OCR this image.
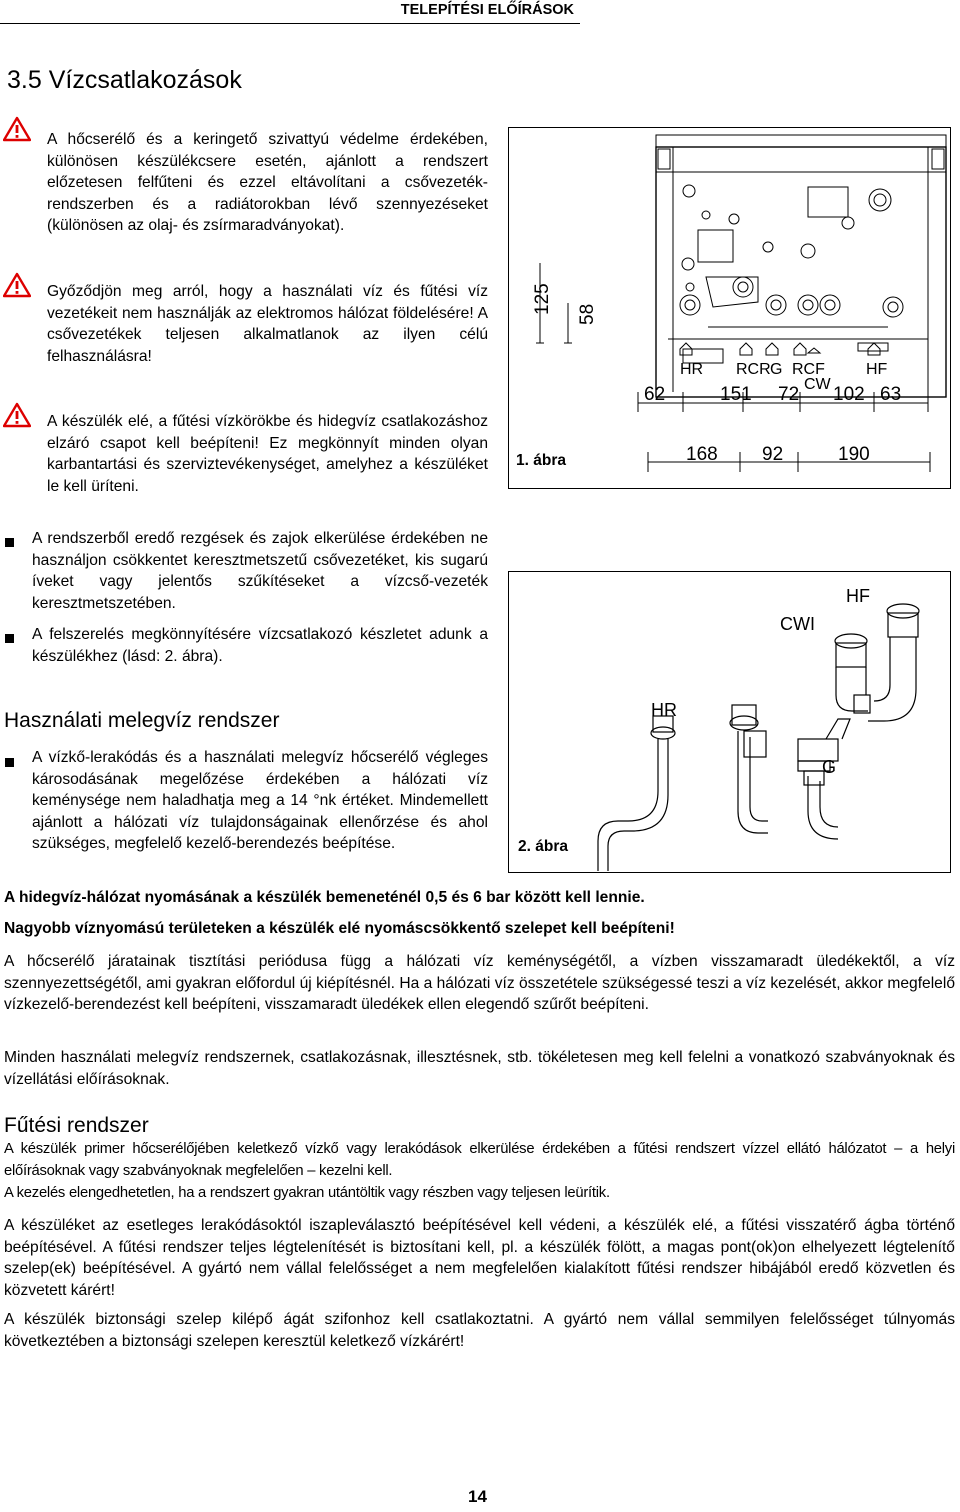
TELEPÍTÉSI ELŐÍRÁSOK
3.5 Vízcsatlakozások
A hőcserélő és a keringető szivattyú védelme érdekében, különösen készülékcsere esetén, ajánlott a rendszert előzetesen felfűteni és ezzel eltávolítani a csővezeték-rendszerben és a radiátorokban lévő szennyezéseket (különösen az olaj- és zsírmaradványokat).
Győződjön meg arról, hogy a használati víz és fűtési víz vezetékeit nem használják az elektromos hálózat földelésére! A csővezetékek teljesen alkalmatlanok az ilyen célú felhasználásra!
A készülék elé, a fűtési vízkörökbe és hidegvíz csatlakozáshoz elzáró csapot kell beépíteni! Ez megkönnyít minden olyan karbantartási és szerviztevékenységet, amelyhez a készüléket le kell üríteni.
A rendszerből eredő rezgések és zajok elkerülése érdekében ne használjon csökkentet keresztmetszetű csővezetéket, kis sugarú íveket vagy jelentős szűkítéseket a vízcső-vezeték keresztmetszetében.
A felszerelés megkönnyítésére vízcsatlakozó készletet adunk a készülékhez (lásd: 2. ábra).
HR RCR G RCF	HF
CW
62	151 72 102 63
168 92	190
125 58
1. ábra
HF
CWI
HR
G
2. ábra
Használati melegvíz rendszer
A vízkő-lerakódás és a használati melegvíz hőcserélő végleges károsodásának megelőzése érdekében a hálózati víz keménysége nem haladhatja meg a 14 °nk értéket. Mindemellett ajánlott a hálózati víz tulajdonságainak ellenőrzése és ahol szükséges, megfelelő kezelő-berendezés beépítése.
A hidegvíz-hálózat nyomásának a készülék bemeneténél 0,5 és 6 bar között kell lennie.
Nagyobb víznyomású területeken a készülék elé nyomáscsökkentő szelepet kell beépíteni!
A hőcserélő járatainak tisztítási periódusa függ a hálózati víz keménységétől, a vízben visszamaradt üledékektől, a víz szennyezettségétől, ami gyakran előfordul új kiépítésnél. Ha a hálózati víz összetétele szükségessé teszi a víz kezelését, akkor megfelelő vízkezelő-berendezést kell beépíteni, visszamaradt üledékek ellen elegendő szűrőt beépíteni.
Minden használati melegvíz rendszernek, csatlakozásnak, illesztésnek, stb. tökéletesen meg kell felelni a vonatkozó szabványoknak és vízellátási előírásoknak.
Fűtési rendszer
A készülék primer hőcserélőjében keletkező vízkő vagy lerakódások elkerülése érdekében a fűtési rendszert vízzel ellátó hálózatot – a helyi előírásoknak vagy szabványoknak megfelelően – kezelni kell.
A kezelés elengedhetetlen, ha a rendszert gyakran utántöltik vagy részben vagy teljesen leürítik.
A készüléket az esetleges lerakódásoktól iszapleválasztó beépítésével kell védeni, a készülék elé, a fűtési visszatérő ágba történő beépítésével. A fűtési rendszer teljes légtelenítését is biztosítani kell, pl. a készülék fölött, a magas pont(ok)on elhelyezett légtelenítő szelep(ek) beépítésével. A gyártó nem vállal felelősséget a nem megfelelően kialakított fűtési rendszer hibájából eredő közvetlen és közvetett kárért!
A készülék biztonsági szelep kilépő ágát szifonhoz kell csatlakoztatni. A gyártó nem vállal semmilyen felelősséget túlnyomás következtében a biztonsági szelepen keresztül keletkező vízkárért!
14
